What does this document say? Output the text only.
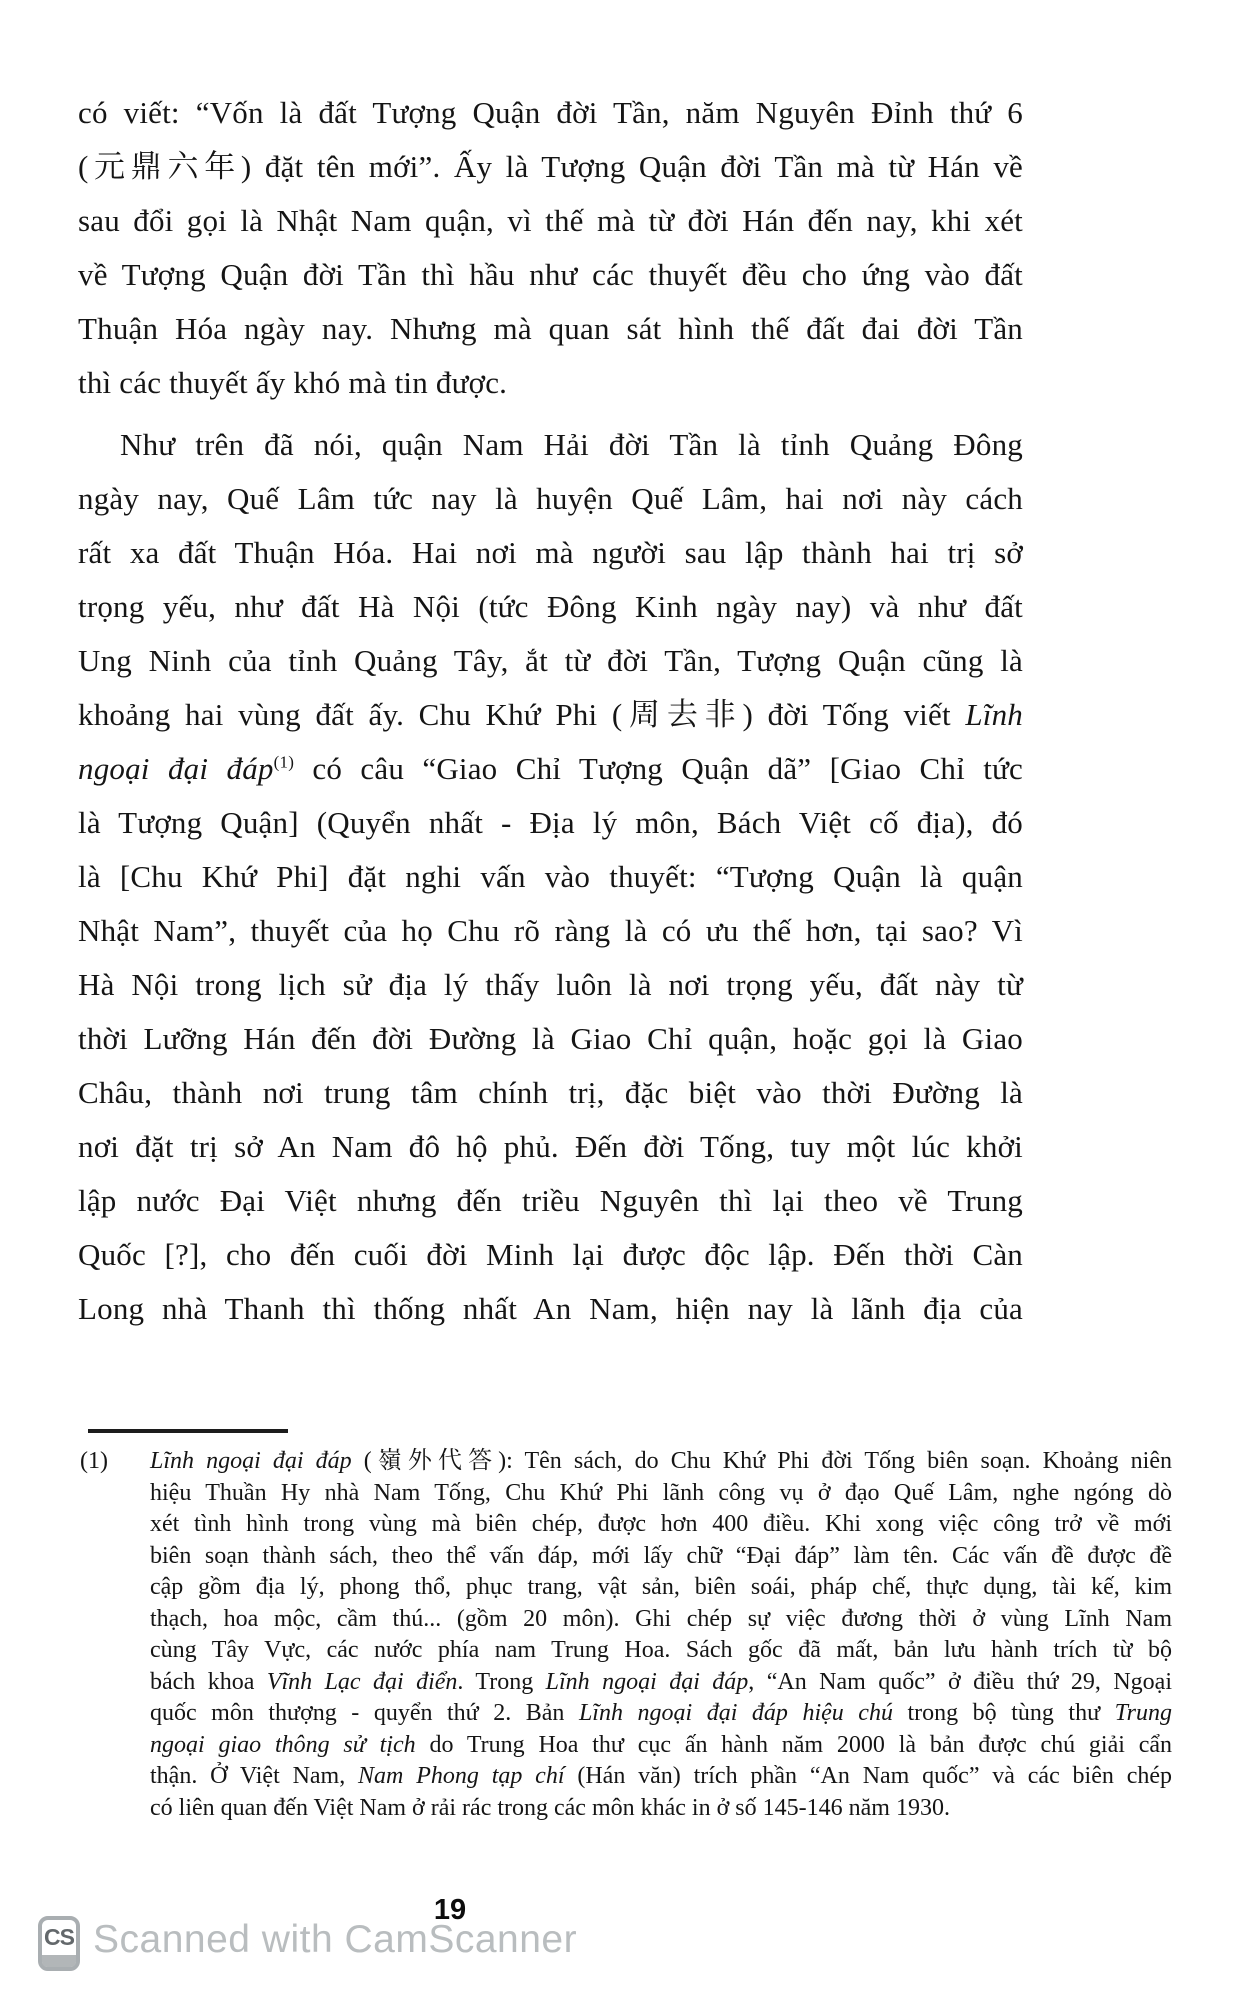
có viết: “Vốn là đất Tượng Quận đời Tần, năm Nguyên Đỉnh thứ 6
(元鼎六年) đặt tên mới”. Ấy là Tượng Quận đời Tần mà từ Hán về
sau đổi gọi là Nhật Nam quận, vì thế mà từ đời Hán đến nay, khi xét
về Tượng Quận đời Tần thì hầu như các thuyết đều cho ứng vào đất
Thuận Hóa ngày nay. Nhưng mà quan sát hình thế đất đai đời Tần
thì các thuyết ấy khó mà tin được.
Như trên đã nói, quận Nam Hải đời Tần là tỉnh Quảng Đông
ngày nay, Quế Lâm tức nay là huyện Quế Lâm, hai nơi này cách
rất xa đất Thuận Hóa. Hai nơi mà người sau lập thành hai trị sở
trọng yếu, như đất Hà Nội (tức Đông Kinh ngày nay) và như đất
Ung Ninh của tỉnh Quảng Tây, ắt từ đời Tần, Tượng Quận cũng là
khoảng hai vùng đất ấy. Chu Khứ Phi (周去非) đời Tống viết Lĩnh
ngoại đại đáp$^{(1)}$ có câu “Giao Chỉ Tượng Quận dã” [Giao Chỉ tức
là Tượng Quận] (Quyển nhất - Địa lý môn, Bách Việt cố địa), đó
là [Chu Khứ Phi] đặt nghi vấn vào thuyết: “Tượng Quận là quận
Nhật Nam”, thuyết của họ Chu rõ ràng là có ưu thế hơn, tại sao? Vì
Hà Nội trong lịch sử địa lý thấy luôn là nơi trọng yếu, đất này từ
thời Lưỡng Hán đến đời Đường là Giao Chỉ quận, hoặc gọi là Giao
Châu, thành nơi trung tâm chính trị, đặc biệt vào thời Đường là
nơi đặt trị sở An Nam đô hộ phủ. Đến đời Tống, tuy một lúc khởi
lập nước Đại Việt nhưng đến triều Nguyên thì lại theo về Trung
Quốc [?], cho đến cuối đời Minh lại được độc lập. Đến thời Càn
Long nhà Thanh thì thống nhất An Nam, hiện nay là lãnh địa của
(1) Lĩnh ngoại đại đáp (嶺外代答): Tên sách, do Chu Khứ Phi đời Tống biên soạn. Khoảng niên
hiệu Thuần Hy nhà Nam Tống, Chu Khứ Phi lãnh công vụ ở đạo Quế Lâm, nghe ngóng dò
xét tình hình trong vùng mà biên chép, được hơn 400 điều. Khi xong việc công trở về mới
biên soạn thành sách, theo thể vấn đáp, mới lấy chữ “Đại đáp” làm tên. Các vấn đề được đề
cập gồm địa lý, phong thổ, phục trang, vật sản, biên soái, pháp chế, thực dụng, tài kế, kim
thạch, hoa mộc, cầm thú... (gồm 20 môn). Ghi chép sự việc đương thời ở vùng Lĩnh Nam
cùng Tây Vực, các nước phía nam Trung Hoa. Sách gốc đã mất, bản lưu hành trích từ bộ
bách khoa Vĩnh Lạc đại điển. Trong Lĩnh ngoại đại đáp, “An Nam quốc” ở điều thứ 29, Ngoại
quốc môn thượng - quyển thứ 2. Bản Lĩnh ngoại đại đáp hiệu chú trong bộ tùng thư Trung
ngoại giao thông sử tịch do Trung Hoa thư cục ấn hành năm 2000 là bản được chú giải cẩn
thận. Ở Việt Nam, Nam Phong tạp chí (Hán văn) trích phần “An Nam quốc” và các biên chép
có liên quan đến Việt Nam ở rải rác trong các môn khác in ở số 145-146 năm 1930.
19
CS Scanned with CamScanner
